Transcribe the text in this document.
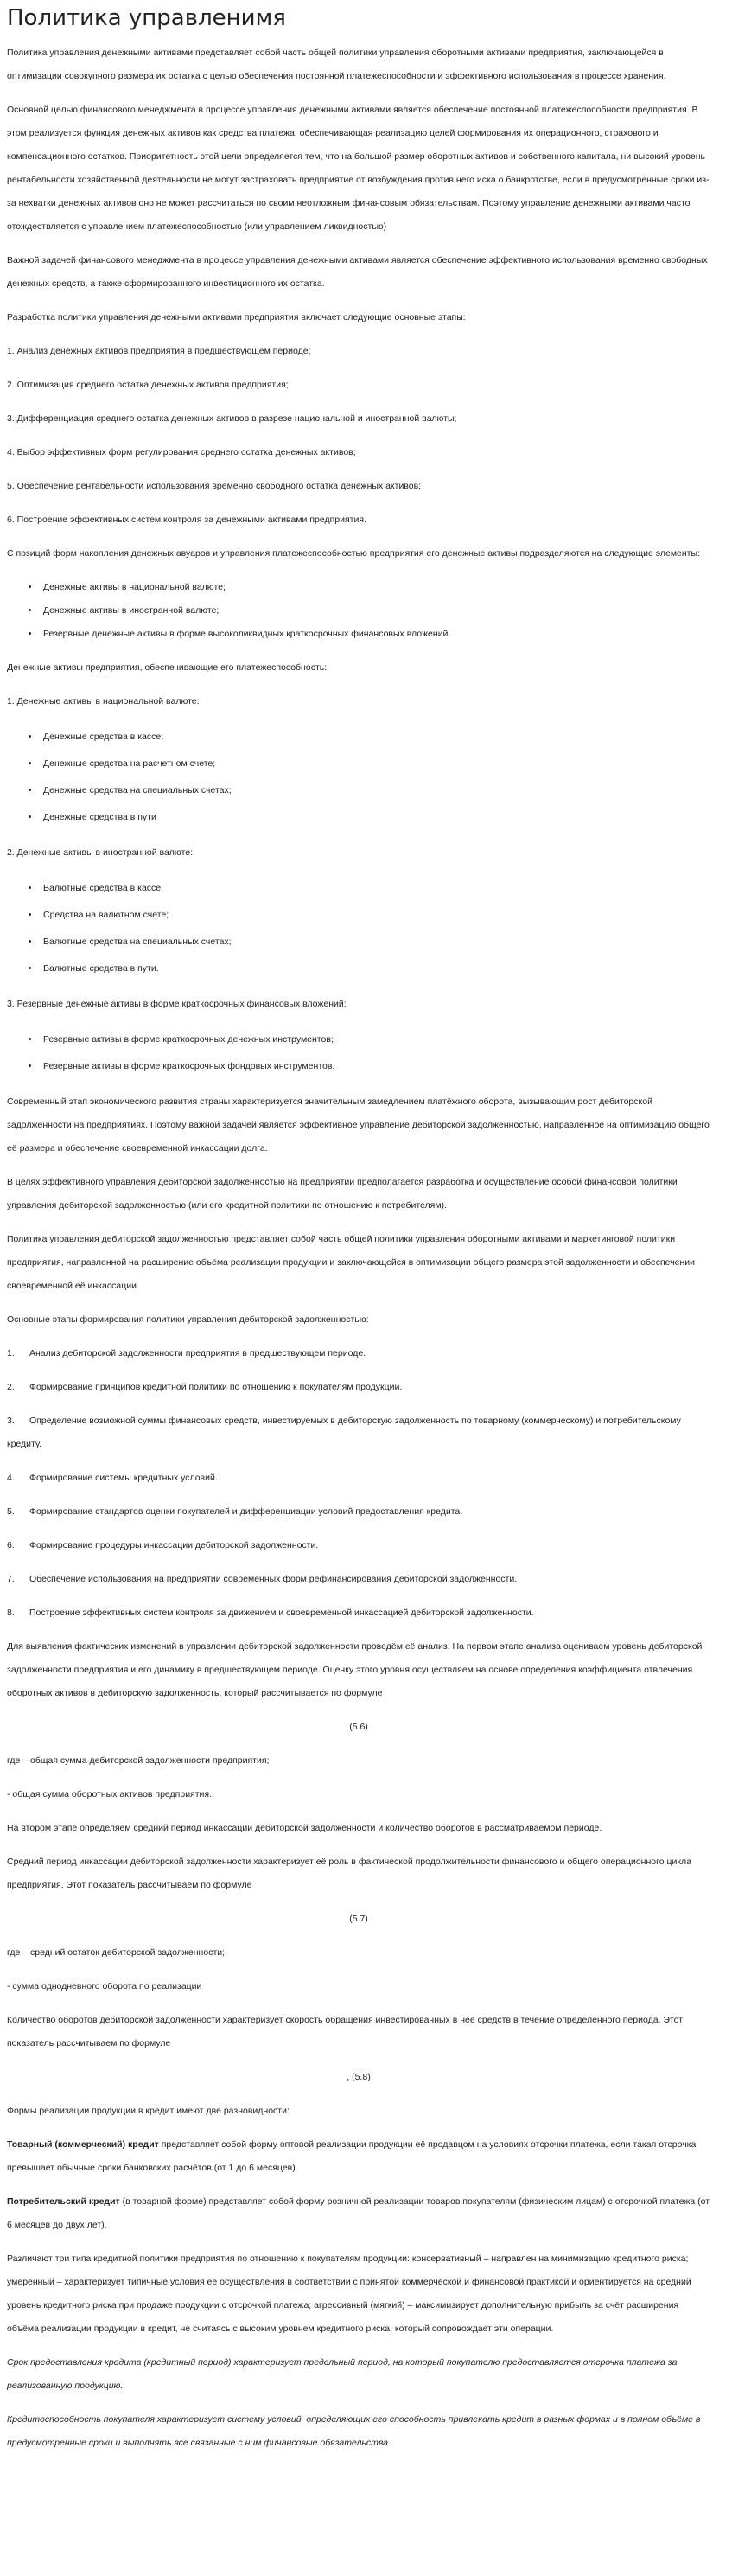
Политика управленимя

Политика управления денежными активами представляет собой часть общей политики управления оборотными активами предприятия, заключающейся в оптимизации совокупного размера их остатка с целью обеспечения постоянной платежеспособности и эффективного использования в процессе хранения.

Основной целью финансового менеджмента в процессе управления денежными активами является обеспечение постоянной платежеспособности предприятия. В этом реализуется функция денежных активов как средства платежа, обеспечивающая реализацию целей формирования их операционного, страхового и компенсационного остатков. Приоритетность этой цели определяется тем, что на большой размер оборотных активов и собственного капитала, ни высокий уровень рентабельности хозяйственной деятельности не могут застраховать предприятие от возбуждения против него иска о банкротстве, если в предусмотренные сроки из-за нехватки денежных активов оно не может рассчитаться по своим неотложным финансовым обязательствам. Поэтому управление денежными активами часто отождествляется с управлением платежеспособностью (или управлением ликвидностью)

Важной задачей финансового менеджмента в процессе управления денежными активами является обеспечение эффективного использования временно свободных денежных средств, а также сформированного инвестиционного их остатка.

Разработка политики управления денежными активами предприятия включает следующие основные этапы:

1. Анализ денежных активов предприятия в предшествующем периоде;

2. Оптимизация среднего остатка денежных активов предприятия;

3. Дифференциация среднего остатка денежных активов в разрезе национальной и иностранной валюты;

4. Выбор эффективных форм регулирования среднего остатка денежных активов;

5. Обеспечение рентабельности использования временно свободного остатка денежных активов;

6. Построение эффективных систем контроля за денежными активами предприятия.

С позиций форм накопления денежных авуаров и управления платежеспособностью предприятия его денежные активы подразделяются на следующие элементы:

• Денежные активы в национальной валюте;
• Денежные активы в иностранной валюте;
• Резервные денежные активы в форме высоколиквидных краткосрочных финансовых вложений.

Денежные активы предприятия, обеспечивающие его платежеспособность:

1. Денежные активы в национальной валюте:

• Денежные средства в кассе;
• Денежные средства на расчетном счете;
• Денежные средства на специальных счетах;
• Денежные средства в пути

2. Денежные активы в иностранной валюте:

• Валютные средства в кассе;
• Средства на валютном счете;
• Валютные средства на специальных счетах;
• Валютные средства в пути.

3. Резервные денежные активы в форме краткосрочных финансовых вложений:

• Резервные активы в форме краткосрочных денежных инструментов;
• Резервные активы в форме краткосрочных фондовых инструментов.

Современный этап экономического развития страны характеризуется значительным замедлением платёжного оборота, вызывающим рост дебиторской задолженности на предприятиях. Поэтому важной задачей является эффективное управление дебиторской задолженностью, направленное на оптимизацию общего её размера и обеспечение своевременной инкассации долга.

В целях эффективного управления дебиторской задолженностью на предприятии предполагается разработка и осуществление особой финансовой политики управления дебиторской задолженностью (или его кредитной политики по отношению к потребителям).

Политика управления дебиторской задолженностью представляет собой часть общей политики управления оборотными активами и маркетинговой политики предприятия, направленной на расширение объёма реализации продукции и заключающейся в оптимизации общего размера этой задолженности и обеспечении своевременной её инкассации.

Основные этапы формирования политики управления дебиторской задолженностью:

1. Анализ дебиторской задолженности предприятия в предшествующем периоде.

2. Формирование принципов кредитной политики по отношению к покупателям продукции.

3. Определение возможной суммы финансовых средств, инвестируемых в дебиторскую задолженность по товарному (коммерческому) и потребительскому кредиту.

4. Формирование системы кредитных условий.

5. Формирование стандартов оценки покупателей и дифференциации условий предоставления кредита.

6. Формирование процедуры инкассации дебиторской задолженности.

7. Обеспечение использования на предприятии современных форм рефинансирования дебиторской задолженности.

8. Построение эффективных систем контроля за движением и своевременной инкассацией дебиторской задолженности.

Для выявления фактических изменений в управлении дебиторской задолженности проведём её анализ. На первом этапе анализа оцениваем уровень дебиторской задолженности предприятия и его динамику в предшествующем периоде. Оценку этого уровня осуществляем на основе определения коэффициента отвлечения оборотных активов в дебиторскую задолженность, который рассчитывается по формуле

(5.6)

где – общая сумма дебиторской задолженности предприятия;

- общая сумма оборотных активов предприятия.

На втором этапе определяем средний период инкассации дебиторской задолженности и количество оборотов в рассматриваемом периоде.

Средний период инкассации дебиторской задолженности характеризует её роль в фактической продолжительности финансового и общего операционного цикла предприятия. Этот показатель рассчитываем по формуле

(5.7)

где – средний остаток дебиторской задолженности;

- сумма однодневного оборота по реализации

Количество оборотов дебиторской задолженности характеризует скорость обращения инвестированных в неё средств в течение определённого периода. Этот показатель рассчитываем по формуле

, (5.8)

Формы реализации продукции в кредит имеют две разновидности:

Товарный (коммерческий) кредит представляет собой форму оптовой реализации продукции её продавцом на условиях отсрочки платежа, если такая отсрочка превышает обычные сроки банковских расчётов (от 1 до 6 месяцев).

Потребительский кредит (в товарной форме) представляет собой форму розничной реализации товаров покупателям (физическим лицам) с отсрочкой платежа (от 6 месяцев до двух лет).

Различают три типа кредитной политики предприятия по отношению к покупателям продукции: консервативный – направлен на минимизацию кредитного риска; умеренный – характеризует типичные условия её осуществления в соответствии с принятой коммерческой и финансовой практикой и ориентируется на средний уровень кредитного риска при продаже продукции с отсрочкой платежа; агрессивный (мягкий) – максимизирует дополнительную прибыль за счёт расширения объёма реализации продукции в кредит, не считаясь с высоким уровнем кредитного риска, который сопровождает эти операции.

Срок предоставления кредита (кредитный период) характеризует предельный период, на который покупателю предоставляется отсрочка платежа за реализованную продукцию.

Кредитоспособность покупателя характеризует систему условий, определяющих его способность привлекать кредит в разных формах и в полном объёме в предусмотренные сроки и выполнять все связанные с ним финансовые обязательства.
